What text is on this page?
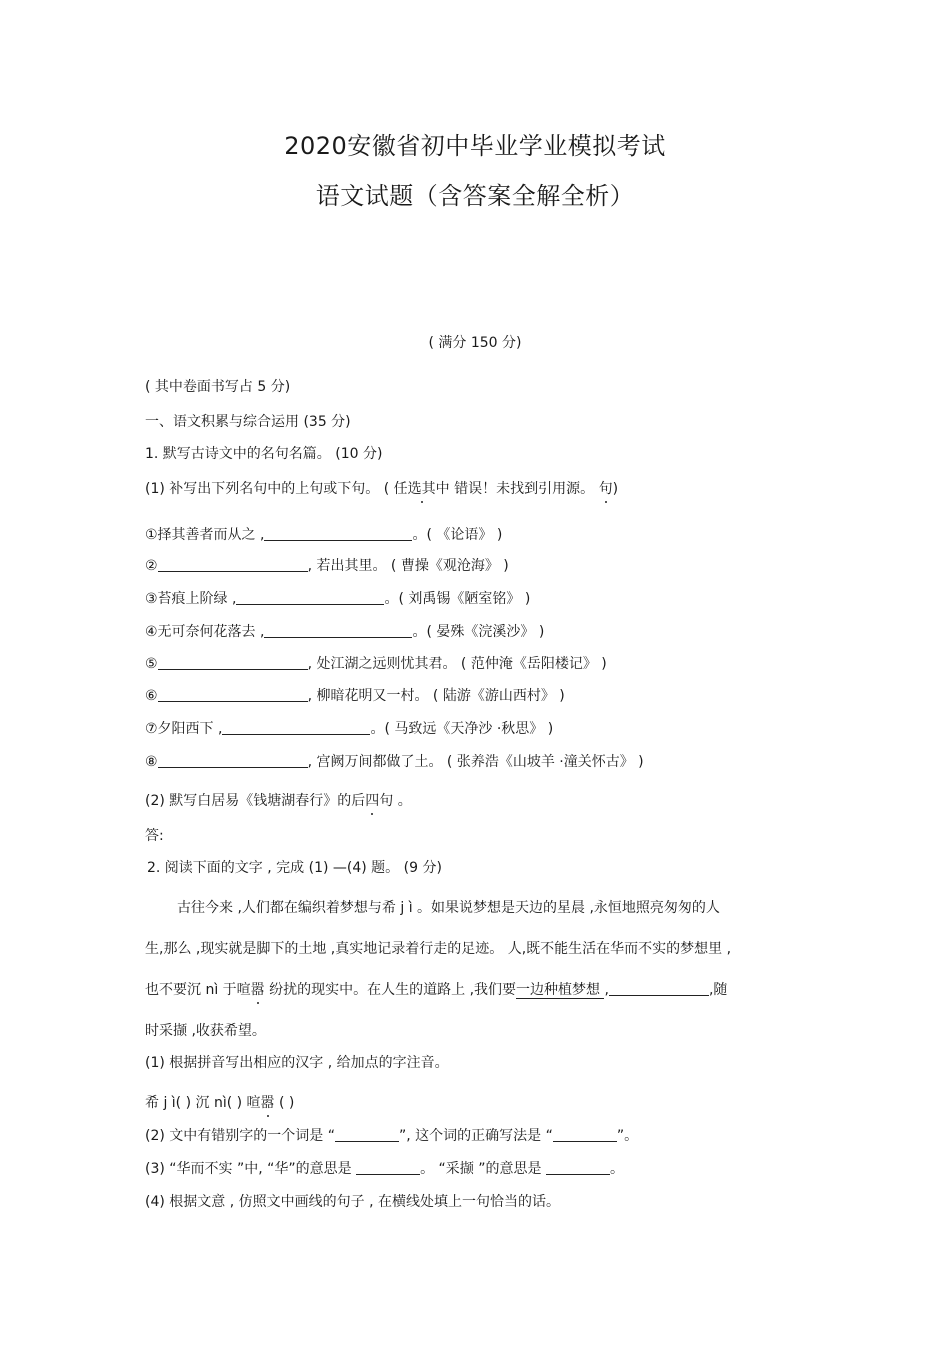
2020安徽省初中毕业学业模拟考试
语文试题（含答案全解全析）
( 满分 150 分)
( 其中卷面书写占 5 分)
一、语文积累与综合运用 (35 分)
1. 默写古诗文中的名句名篇。 (10 分)
(1) 补写出下列名句中的上句或下句。 ( 任选其中 错误！未找到引用源。 句)
①择其善者而从之 ,	。( 《论语》 )
②	, 若出其里。 ( 曹操《观沧海》 )
③苔痕上阶绿 ,	。( 刘禹锡《陋室铭》 )
④无可奈何花落去 ,	。( 晏殊《浣溪沙》 )
⑤	, 处江湖之远则忧其君。 ( 范仲淹《岳阳楼记》 )
⑥	, 柳暗花明又一村。 ( 陆游《游山西村》 )
⑦夕阳西下 ,	。( 马致远《天净沙 ·秋思》 )
⑧	, 宫阙万间都做了土。 ( 张养浩《山坡羊 ·潼关怀古》 )
(2) 默写白居易《钱塘湖春行》的后四句 。
答:
2. 阅读下面的文字 , 完成 (1) —(4) 题。 (9 分)
古往今来 ,人们都在编织着梦想与希 j ì 。如果说梦想是天边的星晨 ,永恒地照亮匆匆的人
生,那么 ,现实就是脚下的土地 ,真实地记录着行走的足迹。 人,既不能生活在华而不实的梦想里 ,
也不要沉 nì 于喧嚣 纷扰的现实中。在人生的道路上 ,我们要一边种植梦想 ,	,随
时采撷 ,收获希望。
(1) 根据拼音写出相应的汉字 , 给加点的字注音。
希 j ì( ) 沉 nì( ) 喧嚣 ( )
(2) 文中有错别字的一个词是 “	”, 这个词的正确写法是 “	”。
(3) “华而不实 ”中, “华”的意思是	。 “采撷 ”的意思是	。
(4) 根据文意 , 仿照文中画线的句子 , 在横线处填上一句恰当的话。
